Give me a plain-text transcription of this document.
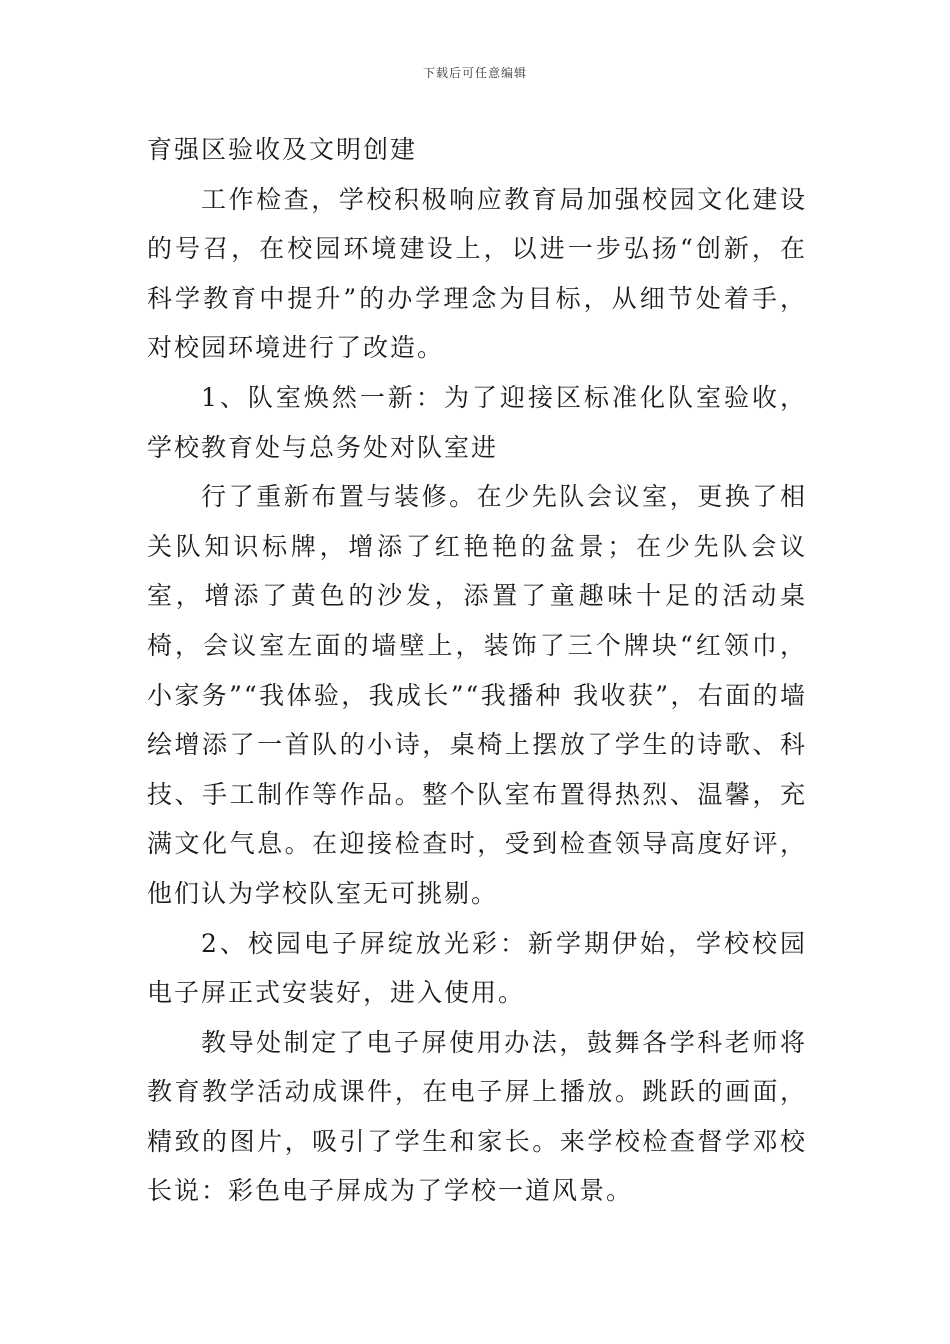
下载后可任意编辑

育强区验收及文明创建

工作检查，学校积极响应教育局加强校园文化建设的号召，在校园环境建设上，以进一步弘扬“创新，在科学教育中提升”的办学理念为目标，从细节处着手，对校园环境进行了改造。

1、队室焕然一新：为了迎接区标准化队室验收，学校教育处与总务处对队室进

行了重新布置与装修。在少先队会议室，更换了相关队知识标牌，增添了红艳艳的盆景；在少先队会议室，增添了黄色的沙发，添置了童趣味十足的活动桌椅，会议室左面的墙壁上，装饰了三个牌块“红领巾，小家务”“我体验，我成长”“我播种 我收获”，右面的墙绘增添了一首队的小诗，桌椅上摆放了学生的诗歌、科技、手工制作等作品。整个队室布置得热烈、温馨，充满文化气息。在迎接检查时，受到检查领导高度好评，他们认为学校队室无可挑剔。

2、校园电子屏绽放光彩：新学期伊始，学校校园电子屏正式安装好，进入使用。

教导处制定了电子屏使用办法，鼓舞各学科老师将教育教学活动成课件，在电子屏上播放。跳跃的画面，精致的图片，吸引了学生和家长。来学校检查督学邓校长说：彩色电子屏成为了学校一道风景。
